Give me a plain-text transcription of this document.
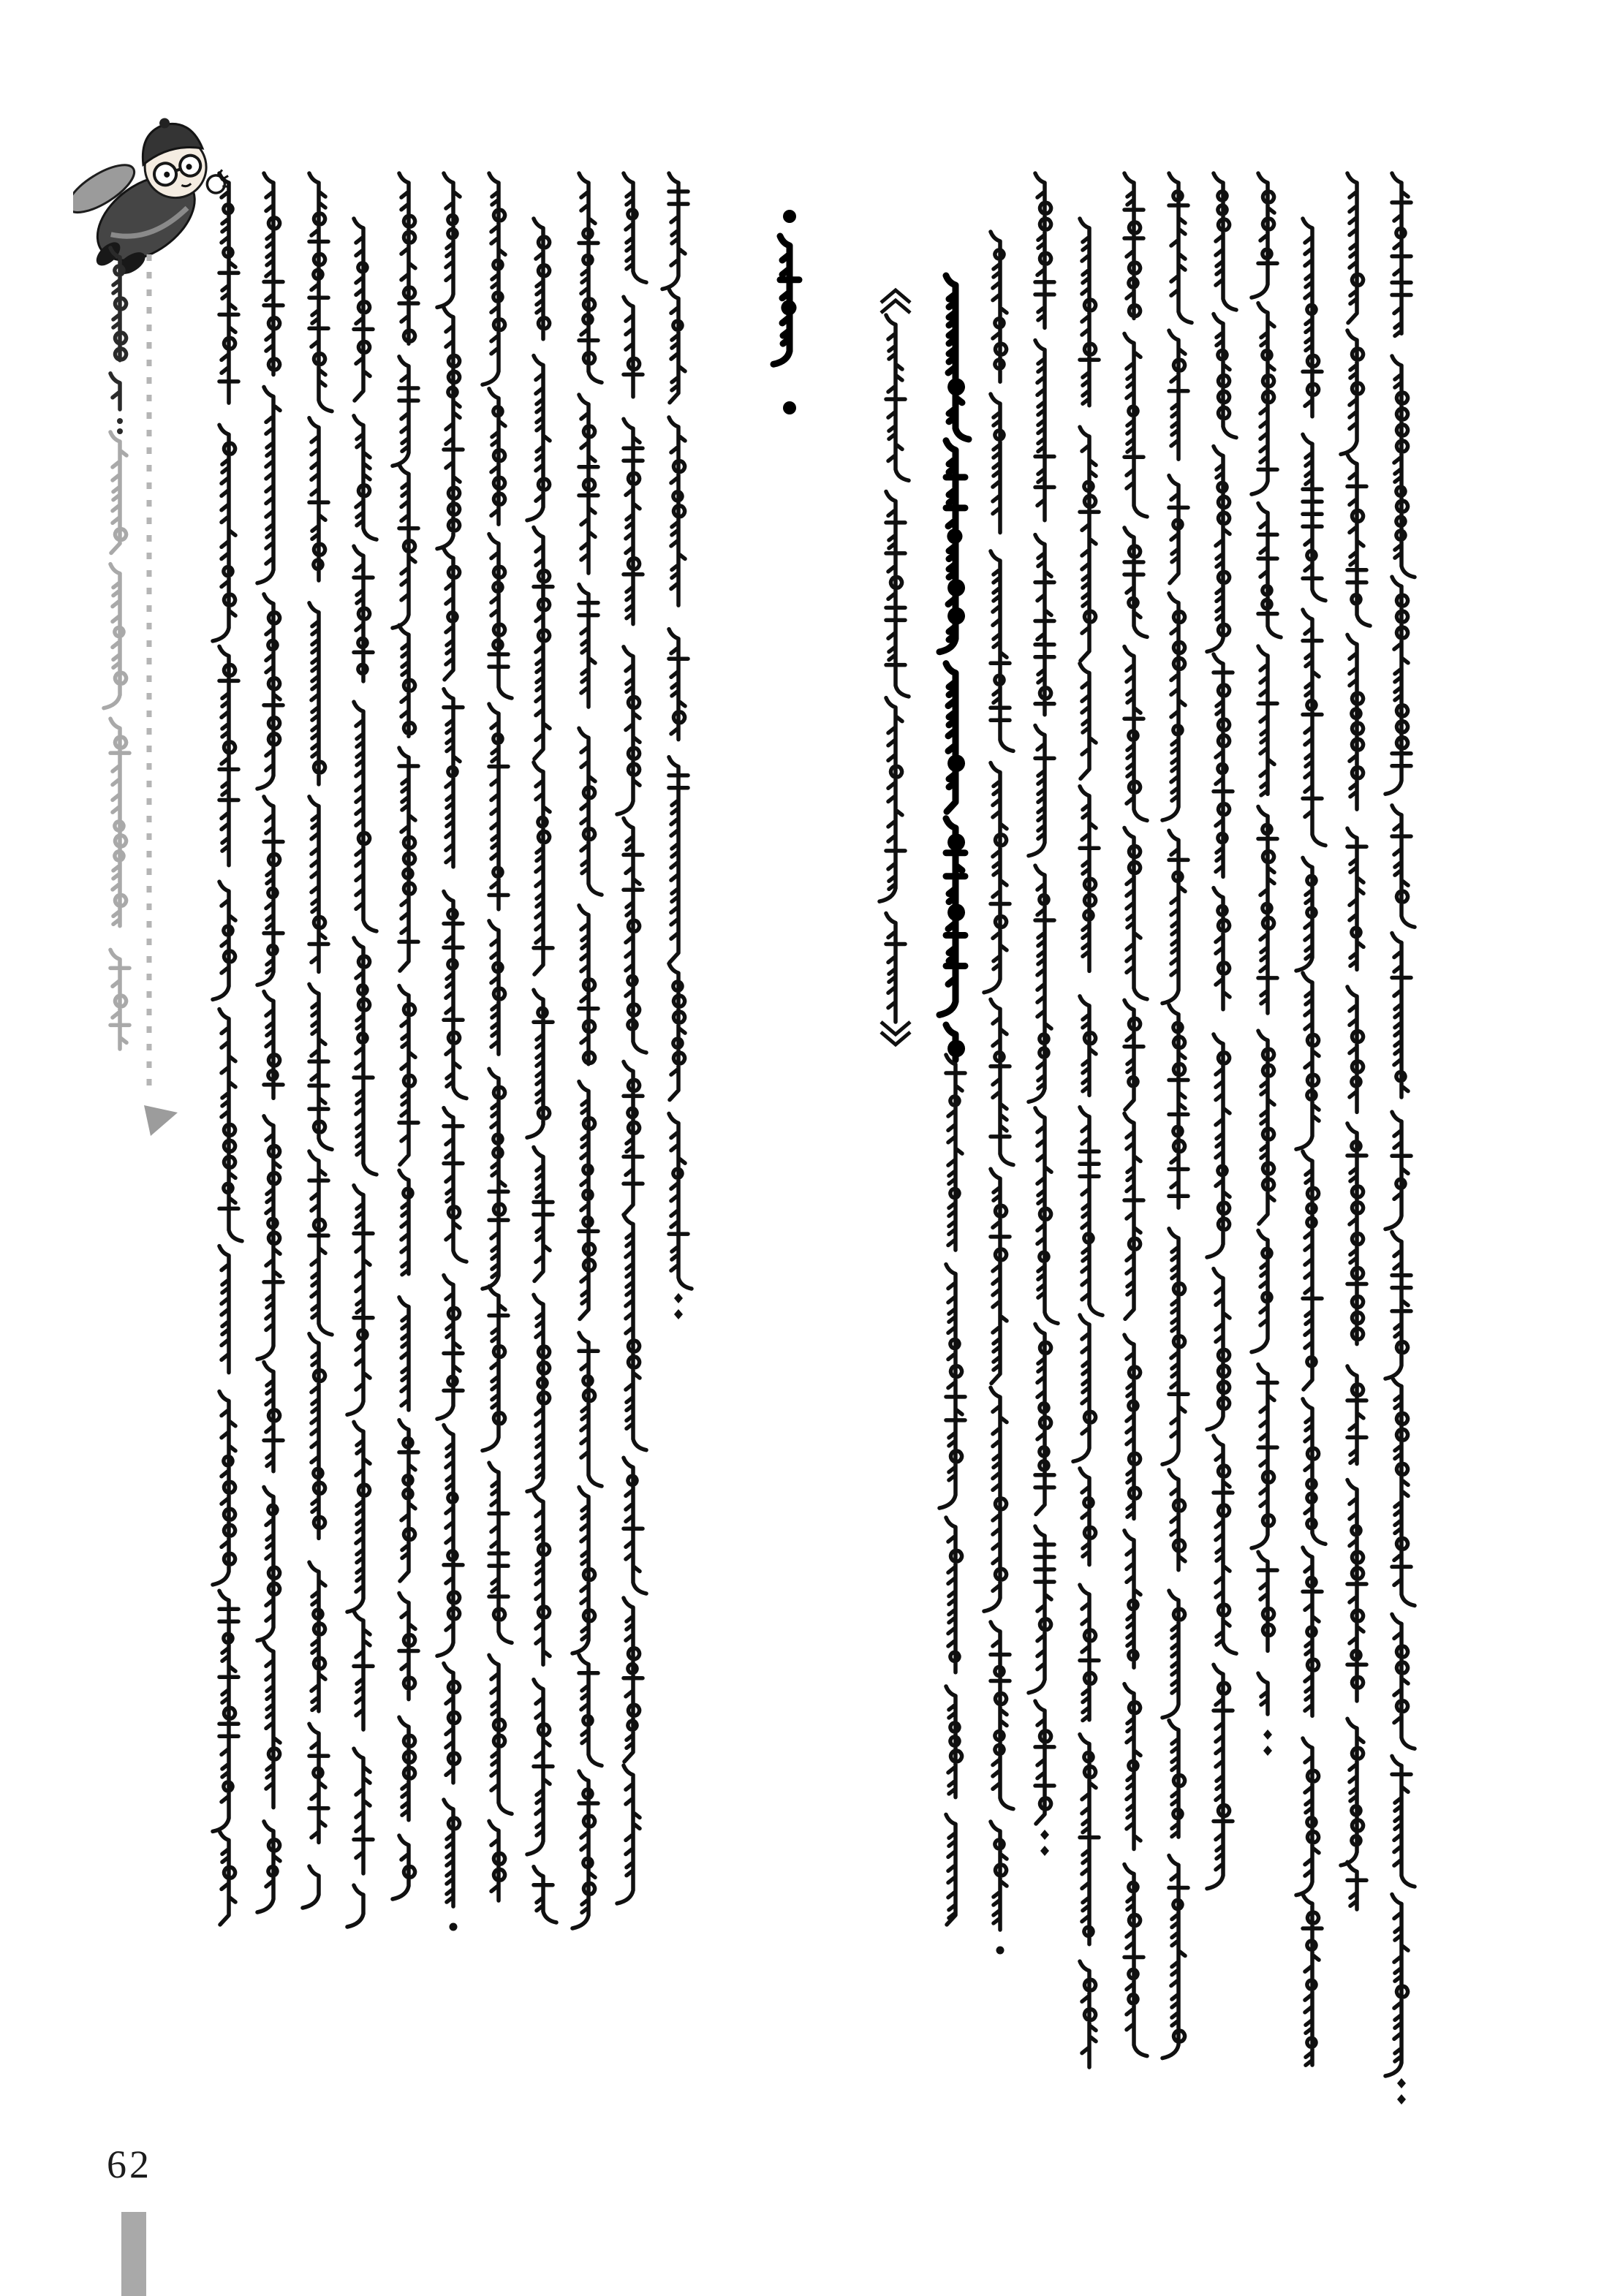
62
